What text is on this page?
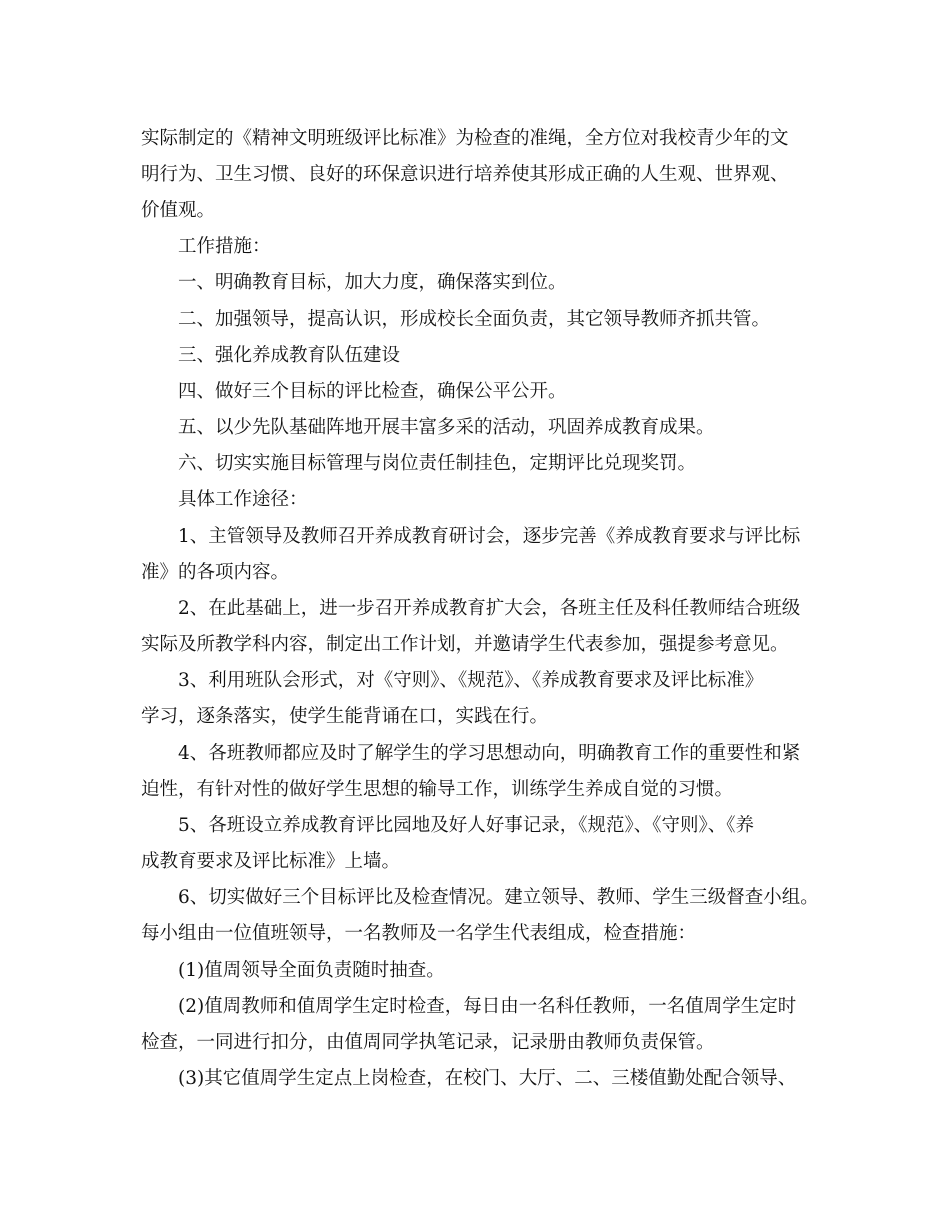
实际制定的《精神文明班级评比标准》为检查的准绳，全方位对我校青少年的文
明行为、卫生习惯、良好的环保意识进行培养使其形成正确的人生观、世界观、
价值观。
工作措施：
一、明确教育目标，加大力度，确保落实到位。
二、加强领导，提高认识，形成校长全面负责，其它领导教师齐抓共管。
三、强化养成教育队伍建设
四、做好三个目标的评比检查，确保公平公开。
五、以少先队基础阵地开展丰富多采的活动，巩固养成教育成果。
六、切实实施目标管理与岗位责任制挂色，定期评比兑现奖罚。
具体工作途径：
1、主管领导及教师召开养成教育研讨会，逐步完善《养成教育要求与评比标
准》的各项内容。
2、在此基础上，进一步召开养成教育扩大会，各班主任及科任教师结合班级
实际及所教学科内容，制定出工作计划，并邀请学生代表参加，强提参考意见。
3、利用班队会形式，对《守则》、《规范》、《养成教育要求及评比标准》
学习，逐条落实，使学生能背诵在口，实践在行。
4、各班教师都应及时了解学生的学习思想动向，明确教育工作的重要性和紧
迫性，有针对性的做好学生思想的输导工作，训练学生养成自觉的习惯。
5、各班设立养成教育评比园地及好人好事记录，《规范》、《守则》、《养
成教育要求及评比标准》上墙。
6、切实做好三个目标评比及检查情况。建立领导、教师、学生三级督查小组。
每小组由一位值班领导，一名教师及一名学生代表组成，检查措施：
(1)值周领导全面负责随时抽查。
(2)值周教师和值周学生定时检查，每日由一名科任教师，一名值周学生定时
检查，一同进行扣分，由值周同学执笔记录，记录册由教师负责保管。
(3)其它值周学生定点上岗检查，在校门、大厅、二、三楼值勤处配合领导、
